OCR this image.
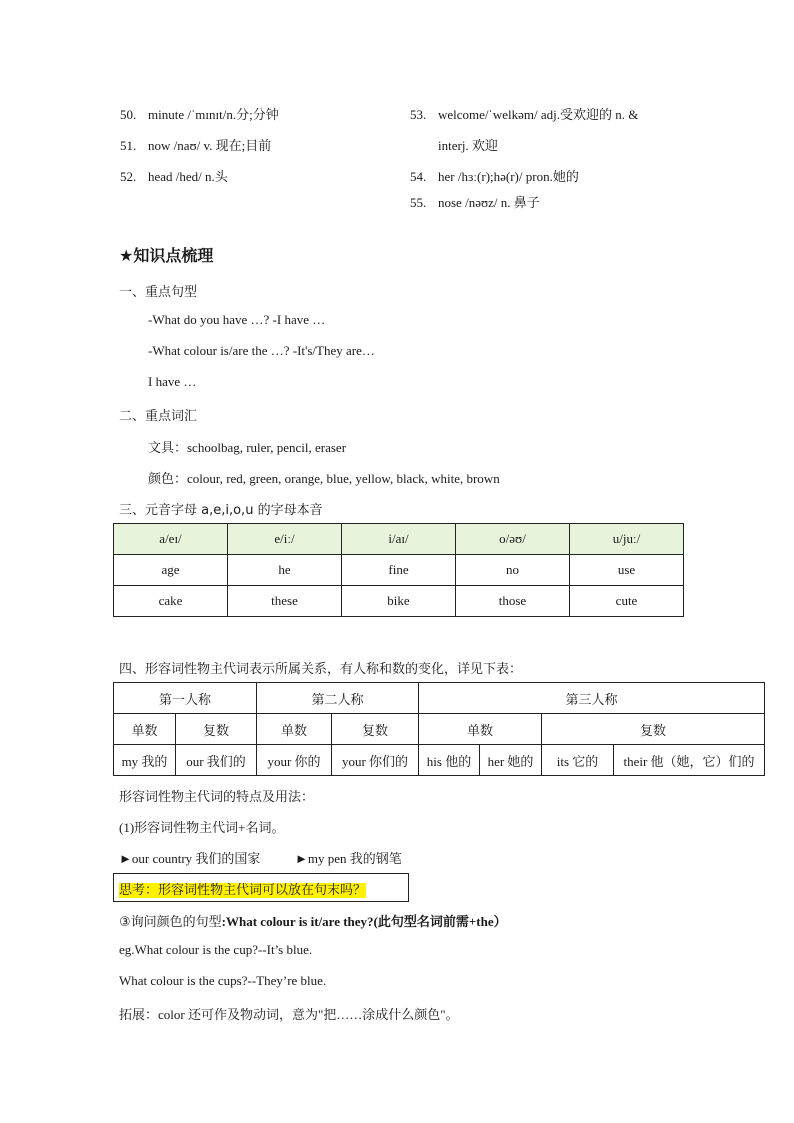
50. minute /ˈmɪnɪt/n.分;分钟
51. now /naʊ/ v. 现在;目前
52. head /hed/ n.头
53. welcome/ˈwelkəm/ adj.受欢迎的 n. &
interj. 欢迎
54. her /hɜː(r);hə(r)/ pron.她的
55. nose /nəʊz/ n. 鼻子
★知识点梳理
一、重点句型
-What do you have …? -I have …
-What colour is/are the …? -It's/They are…
I have …
二、重点词汇
文具：schoolbag, ruler, pencil, eraser
颜色：colour, red, green, orange, blue, yellow, black, white, brown
三、元音字母 a,e,i,o,u 的字母本音
a/eɪ/	e/iː/	i/aɪ/	o/əʊ/	u/juː/
age	he	fine	no	use
cake	these	bike	those	cute
四、形容词性物主代词表示所属关系，有人称和数的变化，详见下表：
第一人称		第二人称		第三人称			
单数	复数	单数	复数	单数		复数	
my 我的	our 我们的	your 你的	your 你们的	his 他的	her 她的	its 它的	their 他（她，它）们的
形容词性物主代词的特点及用法：
(1)形容词性物主代词+名词。
►our country 我们的国家	►my pen 我的钢笔
思考：形容词性物主代词可以放在句末吗？
③询问颜色的句型:What colour is it/are they?(此句型名词前需+the）
eg.What colour is the cup?--It’s blue.
What colour is the cups?--They’re blue.
拓展：color 还可作及物动词，意为"把……涂成什么颜色"。
